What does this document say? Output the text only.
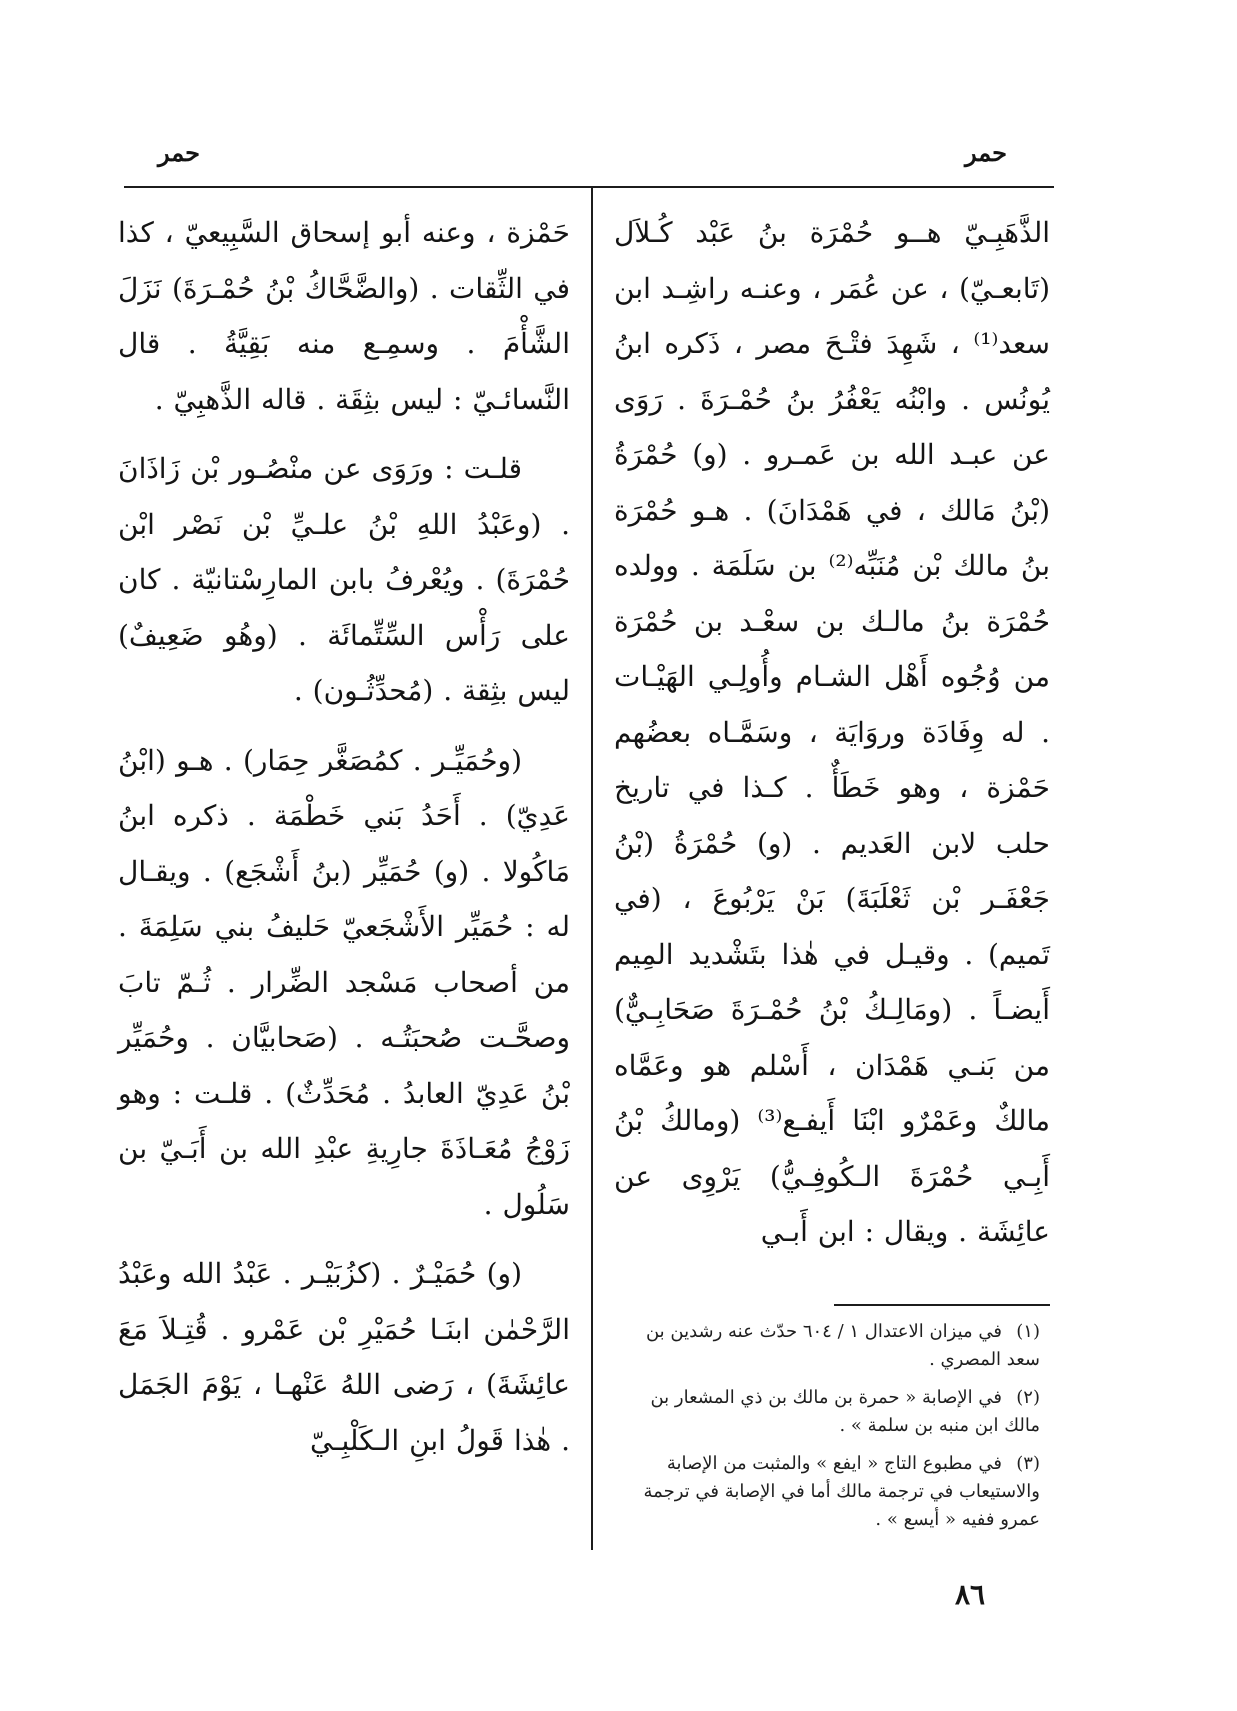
حمر
حمر

الذَّهَبِـيّ هــو حُمْرَة بنُ عَبْد كُـلاَل (تَابعـيّ) ، عن عُمَر ، وعنـه راشِـد ابن سعد⁽¹⁾ ، شَهِدَ فتْـحَ مصر ، ذَكره ابنُ يُونُس . وابْنُه يَعْفُرُ بنُ حُمْـرَةَ . رَوَى عن عبـد الله بن عَمـرو . (و) حُمْرَةُ (بْنُ مَالك ، في هَمْدَانَ) . هـو حُمْرَة بنُ مالك بْن مُنَبِّه⁽²⁾ بن سَلَمَة . وولده حُمْرَة بنُ مالـك بن سعْـد بن حُمْرَة من وُجُوه أَهْل الشـام وأُولِـي الهَيْـات . له وِفَادَة وروَايَة ، وسَمَّـاه بعضُهم حَمْزة ، وهو خَطَأٌ . كـذا في تاريخ حلب لابن العَديم . (و) حُمْرَةُ (بْنُ جَعْفَـر بْن ثَعْلَبَةَ) بَنْ يَرْبُوعَ ، (في تَميم) . وقيـل في هٰذا بتَشْديد المِيم أَيضـاً . (ومَالِـكُ بْنُ حُمْـرَةَ صَحَابِـيٌّ) من بَنـي هَمْدَان ، أَسْلم هو وعَمَّاه مالكٌ وعَمْرٌو ابْنَا أَيفـع⁽³⁾ (ومالكُ بْنُ أَبِـي حُمْرَةَ الـكُوفِـيُّ) يَرْوِى عن عائِشَة . ويقال : ابن أَبـي

حَمْزة ، وعنه أبو إسحاق السَّبِيعيّ ، كذا في الثِّقات . (والضَّحَّاكُ بْنُ حُمْـرَةَ) نَزَلَ الشَّأْمَ . وسمِـع منه بَقِيَّةُ . قال النَّسائـيّ : ليس بثِقَة . قاله الذَّهبِيّ .

قلـت : ورَوَى عن منْصُـور بْن زَاذَانَ . (وعَبْدُ اللهِ بْنُ علـيِّ بْن نَصْر ابْن حُمْرَةَ) . ويُعْرفُ بابن المارِسْتانيّة . كان على رَأْس السِّتِّمائَة . (وهُو ضَعِيفٌ) ليس بثِقة . (مُحدِّثُـون) .

(وحُمَيِّـر . كمُصَغَّر حِمَار) . هـو (ابْنُ عَدِيّ) . أَحَدُ بَني خَطْمَة . ذكره ابنُ مَاكُولا . (و) حُمَيِّر (بنُ أَشْجَع) . ويقـال له : حُمَيِّر الأَشْجَعيّ حَليفُ بني سَلِمَةَ . من أصحاب مَسْجد الضِّرار . ثُـمّ تابَ وصحَّـت صُحبَتُـه . (صَحابيَّان . وحُمَيِّر بْنُ عَدِيّ العابدُ . مُحَدِّثٌ) . قلـت : وهو زَوْجُ مُعَـاذَةَ جارِيةِ عبْدِ الله بن أَبَـيّ بن سَلُول .

(و) حُمَيْـرٌ . (كزُبَيْـر . عَبْدُ الله وعَبْدُ الرَّحْمٰن ابنَـا حُمَيْرِ بْن عَمْرو . قُتِـلاَ مَعَ عائِشَةَ) ، رَضى اللهُ عَنْهـا ، يَوْمَ الجَمَل . هٰذا قَولُ ابنِ الـكَلْبِـيّ

(١)في ميزان الاعتدال ١ / ٦٠٤ حدّث عنه رشدين بن سعد المصري .

(٢)في الإصابة « حمرة بن مالك بن ذي المشعار بن مالك ابن منبه بن سلمة » .

(٣)في مطبوع التاج « ايفع » والمثبت من الإصابة والاستيعاب في ترجمة مالك أما في الإصابة في ترجمة عمرو ففيه « أيسع » .

٨٦
